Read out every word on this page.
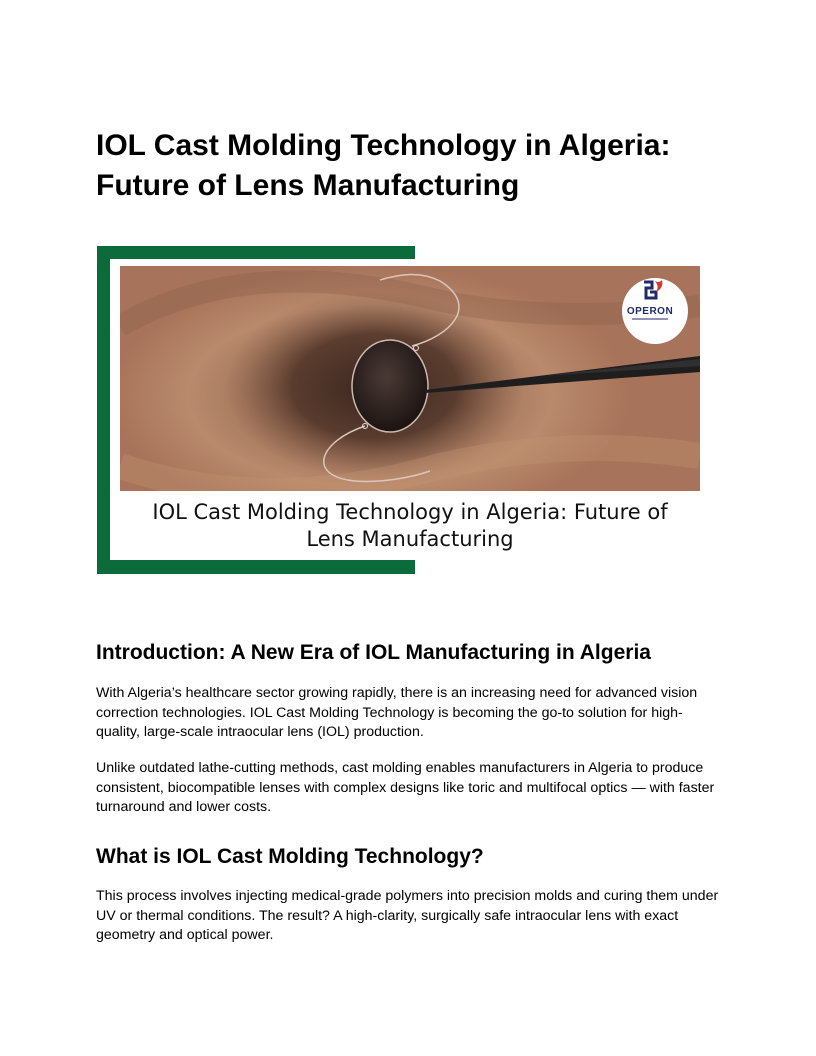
IOL Cast Molding Technology in Algeria:
Future of Lens Manufacturing
OPERON

IOL Cast Molding Technology in Algeria: Future of
Lens Manufacturing

Introduction: A New Era of IOL Manufacturing in Algeria

With Algeria’s healthcare sector growing rapidly, there is an increasing need for advanced vision correction technologies. IOL Cast Molding Technology is becoming the go-to solution for high-quality, large-scale intraocular lens (IOL) production.

Unlike outdated lathe-cutting methods, cast molding enables manufacturers in Algeria to produce consistent, biocompatible lenses with complex designs like toric and multifocal optics — with faster turnaround and lower costs.

What is IOL Cast Molding Technology?

This process involves injecting medical-grade polymers into precision molds and curing them under UV or thermal conditions. The result? A high-clarity, surgically safe intraocular lens with exact geometry and optical power.
